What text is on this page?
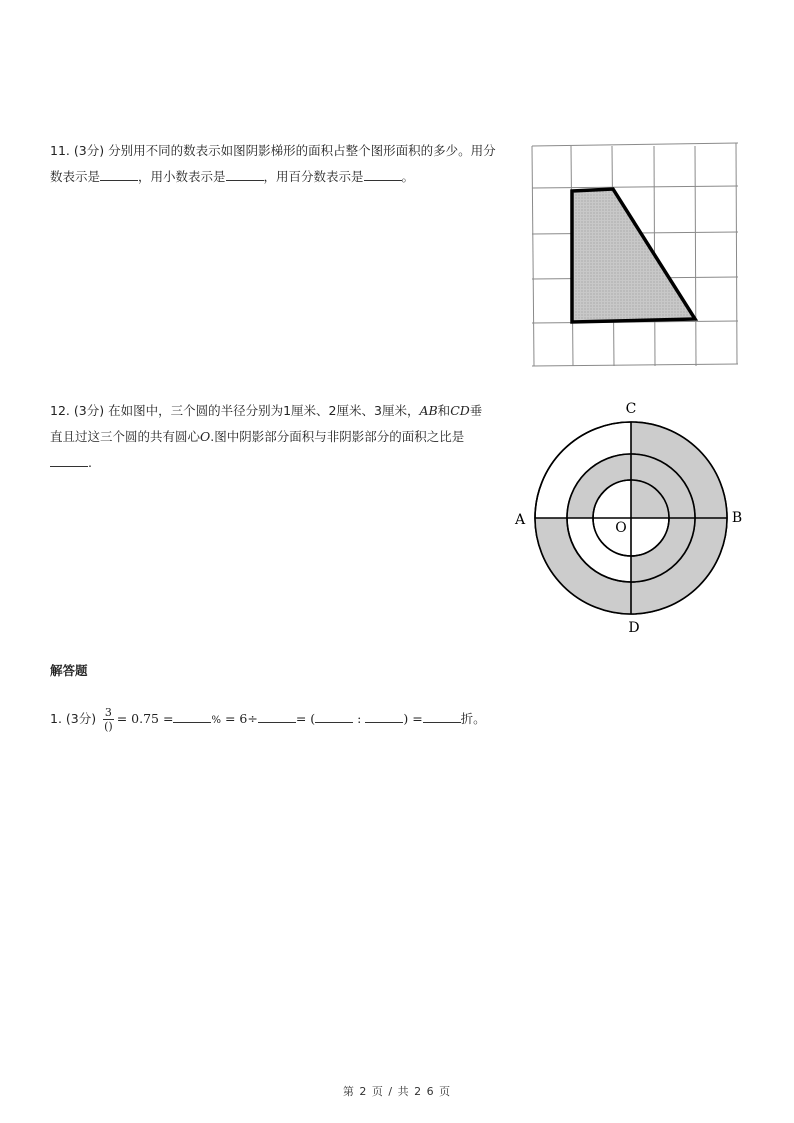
11. (3分) 分别用不同的数表示如图阴影梯形的面积占整个图形面积的多少。用分
数表示是	，用小数表示是	，用百分数表示是	。
12. (3分) 在如图中，三个圆的半径分别为1厘米、2厘米、3厘米，AB和CD垂
直且过这三个圆的共有圆心O.图中阴影部分面积与非阴影部分的面积之比是
.
C
A	B
D
O
解答题
1. (3分) $\frac{3}{()} = 0.75$ =	% = 6÷	= (	:	) =	折。
第 2 页 / 共 2 6 页
